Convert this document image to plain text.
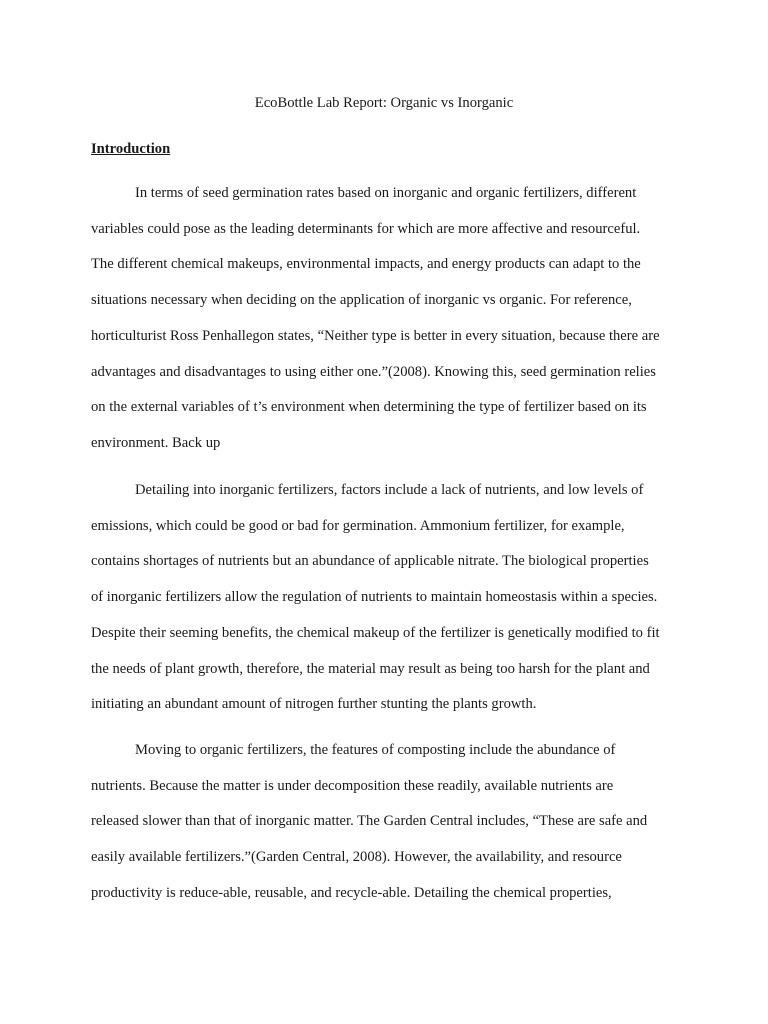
EcoBottle Lab Report: Organic vs Inorganic
Introduction

In terms of seed germination rates based on inorganic and organic fertilizers, different
variables could pose as the leading determinants for which are more affective and resourceful.
The different chemical makeups, environmental impacts, and energy products can adapt to the
situations necessary when deciding on the application of inorganic vs organic. For reference,
horticulturist Ross Penhallegon states, “Neither type is better in every situation, because there are
advantages and disadvantages to using either one.”(2008). Knowing this, seed germination relies
on the external variables of t’s environment when determining the type of fertilizer based on its
environment. Back up

Detailing into inorganic fertilizers, factors include a lack of nutrients, and low levels of
emissions, which could be good or bad for germination. Ammonium fertilizer, for example,
contains shortages of nutrients but an abundance of applicable nitrate. The biological properties
of inorganic fertilizers allow the regulation of nutrients to maintain homeostasis within a species.
Despite their seeming benefits, the chemical makeup of the fertilizer is genetically modified to fit
the needs of plant growth, therefore, the material may result as being too harsh for the plant and
initiating an abundant amount of nitrogen further stunting the plants growth.

Moving to organic fertilizers, the features of composting include the abundance of
nutrients. Because the matter is under decomposition these readily, available nutrients are
released slower than that of inorganic matter. The Garden Central includes, “These are safe and
easily available fertilizers.”(Garden Central, 2008). However, the availability, and resource
productivity is reduce-able, reusable, and recycle-able. Detailing the chemical properties,
